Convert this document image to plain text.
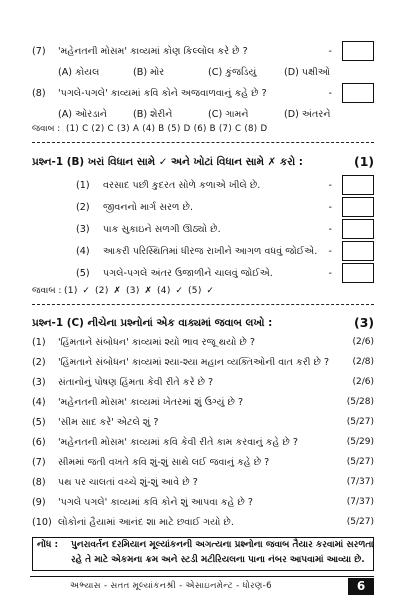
(7) 'મહેનતની મોસમ' કાવ્યમાં કોણ કિલ્લોલ કરે છે ?	-
(A) કોયલ	(B) મોર	(C) કુંજડિયું	(D) પક્ષીઓ
(8) 'પગલે-પગલે' કાવ્યમાં કવિ કોને અજવાળવાનું કહે છે ?	-
(A) ઓરડાને	(B) શેરીને	(C) ગામને	(D) અંતરને
જવાબ : (1) C (2) C (3) A (4) B (5) D (6) B (7) C (8) D
પ્રશ્ન-1 (B) ખરાં વિધાન સામે ✓ અને ખોટાં વિધાન સામે ✗ કરો :	(1)
(1) વરસાદ પછી કુદરત સોળે કળાએ ખીલે છે.	-
(2) જીવનનો માર્ગ સરળ છે.	-
(3) પાક સુકાઇને સળગી ઊઠ્યો છે.	-
(4) આકરી પરિસ્થિતિમાં ધીરજ રાખીને આગળ વધવું જોઈએ. -
(5) પગલે-પગલે અંતર ઉજાળીને ચાલવું જોઈએ.	-
જવાબ : (1) ✓ (2) ✗ (3) ✗ (4) ✓ (5) ✓
પ્રશ્ન-1 (C) નીચેના પ્રશ્નોનાં એક વાક્યમાં જવાબ લખો :	(3)
(1) 'હિંમતાને સંબોધન' કાવ્યમાં શ્યો ભાવ રજૂ થયો છે ?	(2/6)
(2) 'હિંમતાને સંબોધન' કાવ્યમાં શ્યા-શ્યા મહાન વ્યક્તિઓની વાત કરી છે ?	(2/8)
(3) સંતાનોનું પોષણ હિંમતા કેવી રીતે કરે છે ?	(2/6)
(4) 'મહેનતની મોસમ' કાવ્યમાં ખેતરમાં શું ઉગ્યું છે ?	(5/28)
(5) 'સીમ સાદ કરે' એટલે શું ?	(5/27)
(6) 'મહેનતની મોસમ' કાવ્યમાં કવિ કેવી રીતે કામ કરવાનું કહે છે ?	(5/29)
(7) સીમમાં જતી વખતે કવિ શું-શું સાથે લઈ જવાનું કહે છે ?	(5/27)
(8) પથ પર ચાલતાં વચ્ચે શું-શું આવે છે ?	(7/37)
(9) 'પગલે પગલે' કાવ્યમાં કવિ કોને શું આપવા કહે છે ?	(7/37)
(10) લોકોનાં હૈયામાં આનંદ શા માટે છવાઈ ગયો છે.	(5/27)
નોંધ : પુનરાવર્તન દરમિયાન મૂલ્યાંકનની અગત્યના પ્રશ્નોના જવાબ તૈયાર કરવામાં સરળતા
રહે તે માટે એકમના ક્રમ અને સ્ટડી મટીરિયલના પાના નંબર આપવામાં આવ્યા છે.
અભ્યાસ - સતત મૂલ્યાંકનશ્રી - એસાઇનમેન્ટ - ધોરણ-6	6
